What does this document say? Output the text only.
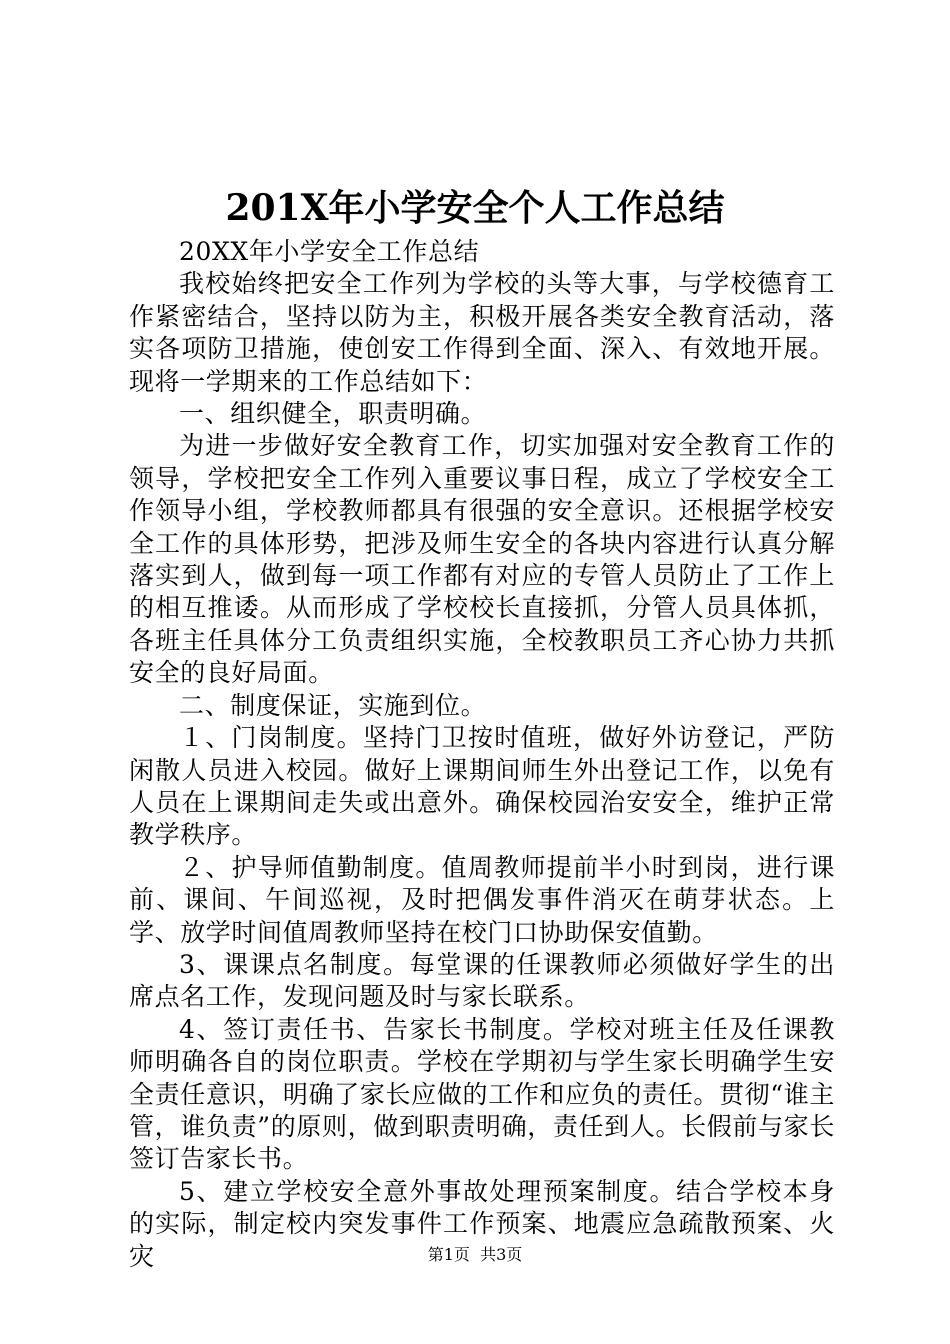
201X年小学安全个人工作总结

20XX年小学安全工作总结

我校始终把安全工作列为学校的头等大事，与学校德育工作紧密结合，坚持以防为主，积极开展各类安全教育活动，落实各项防卫措施，使创安工作得到全面、深入、有效地开展。现将一学期来的工作总结如下：

一、组织健全，职责明确。

为进一步做好安全教育工作，切实加强对安全教育工作的领导，学校把安全工作列入重要议事日程，成立了学校安全工作领导小组，学校教师都具有很强的安全意识。还根据学校安全工作的具体形势，把涉及师生安全的各块内容进行认真分解落实到人，做到每一项工作都有对应的专管人员防止了工作上的相互推诿。从而形成了学校校长直接抓，分管人员具体抓，各班主任具体分工负责组织实施，全校教职员工齐心协力共抓安全的良好局面。

二、制度保证，实施到位。

１、门岗制度。坚持门卫按时值班，做好外访登记，严防闲散人员进入校园。做好上课期间师生外出登记工作，以免有人员在上课期间走失或出意外。确保校园治安安全，维护正常教学秩序。

２、护导师值勤制度。值周教师提前半小时到岗，进行课前、课间、午间巡视，及时把偶发事件消灭在萌芽状态。上学、放学时间值周教师坚持在校门口协助保安值勤。

3、课课点名制度。每堂课的任课教师必须做好学生的出席点名工作，发现问题及时与家长联系。

4、签订责任书、告家长书制度。学校对班主任及任课教师明确各自的岗位职责。学校在学期初与学生家长明确学生安全责任意识，明确了家长应做的工作和应负的责任。贯彻“谁主管，谁负责”的原则，做到职责明确，责任到人。长假前与家长签订告家长书。

5、建立学校安全意外事故处理预案制度。结合学校本身的实际，制定校内突发事件工作预案、地震应急疏散预案、火灾	第1页 共3页
